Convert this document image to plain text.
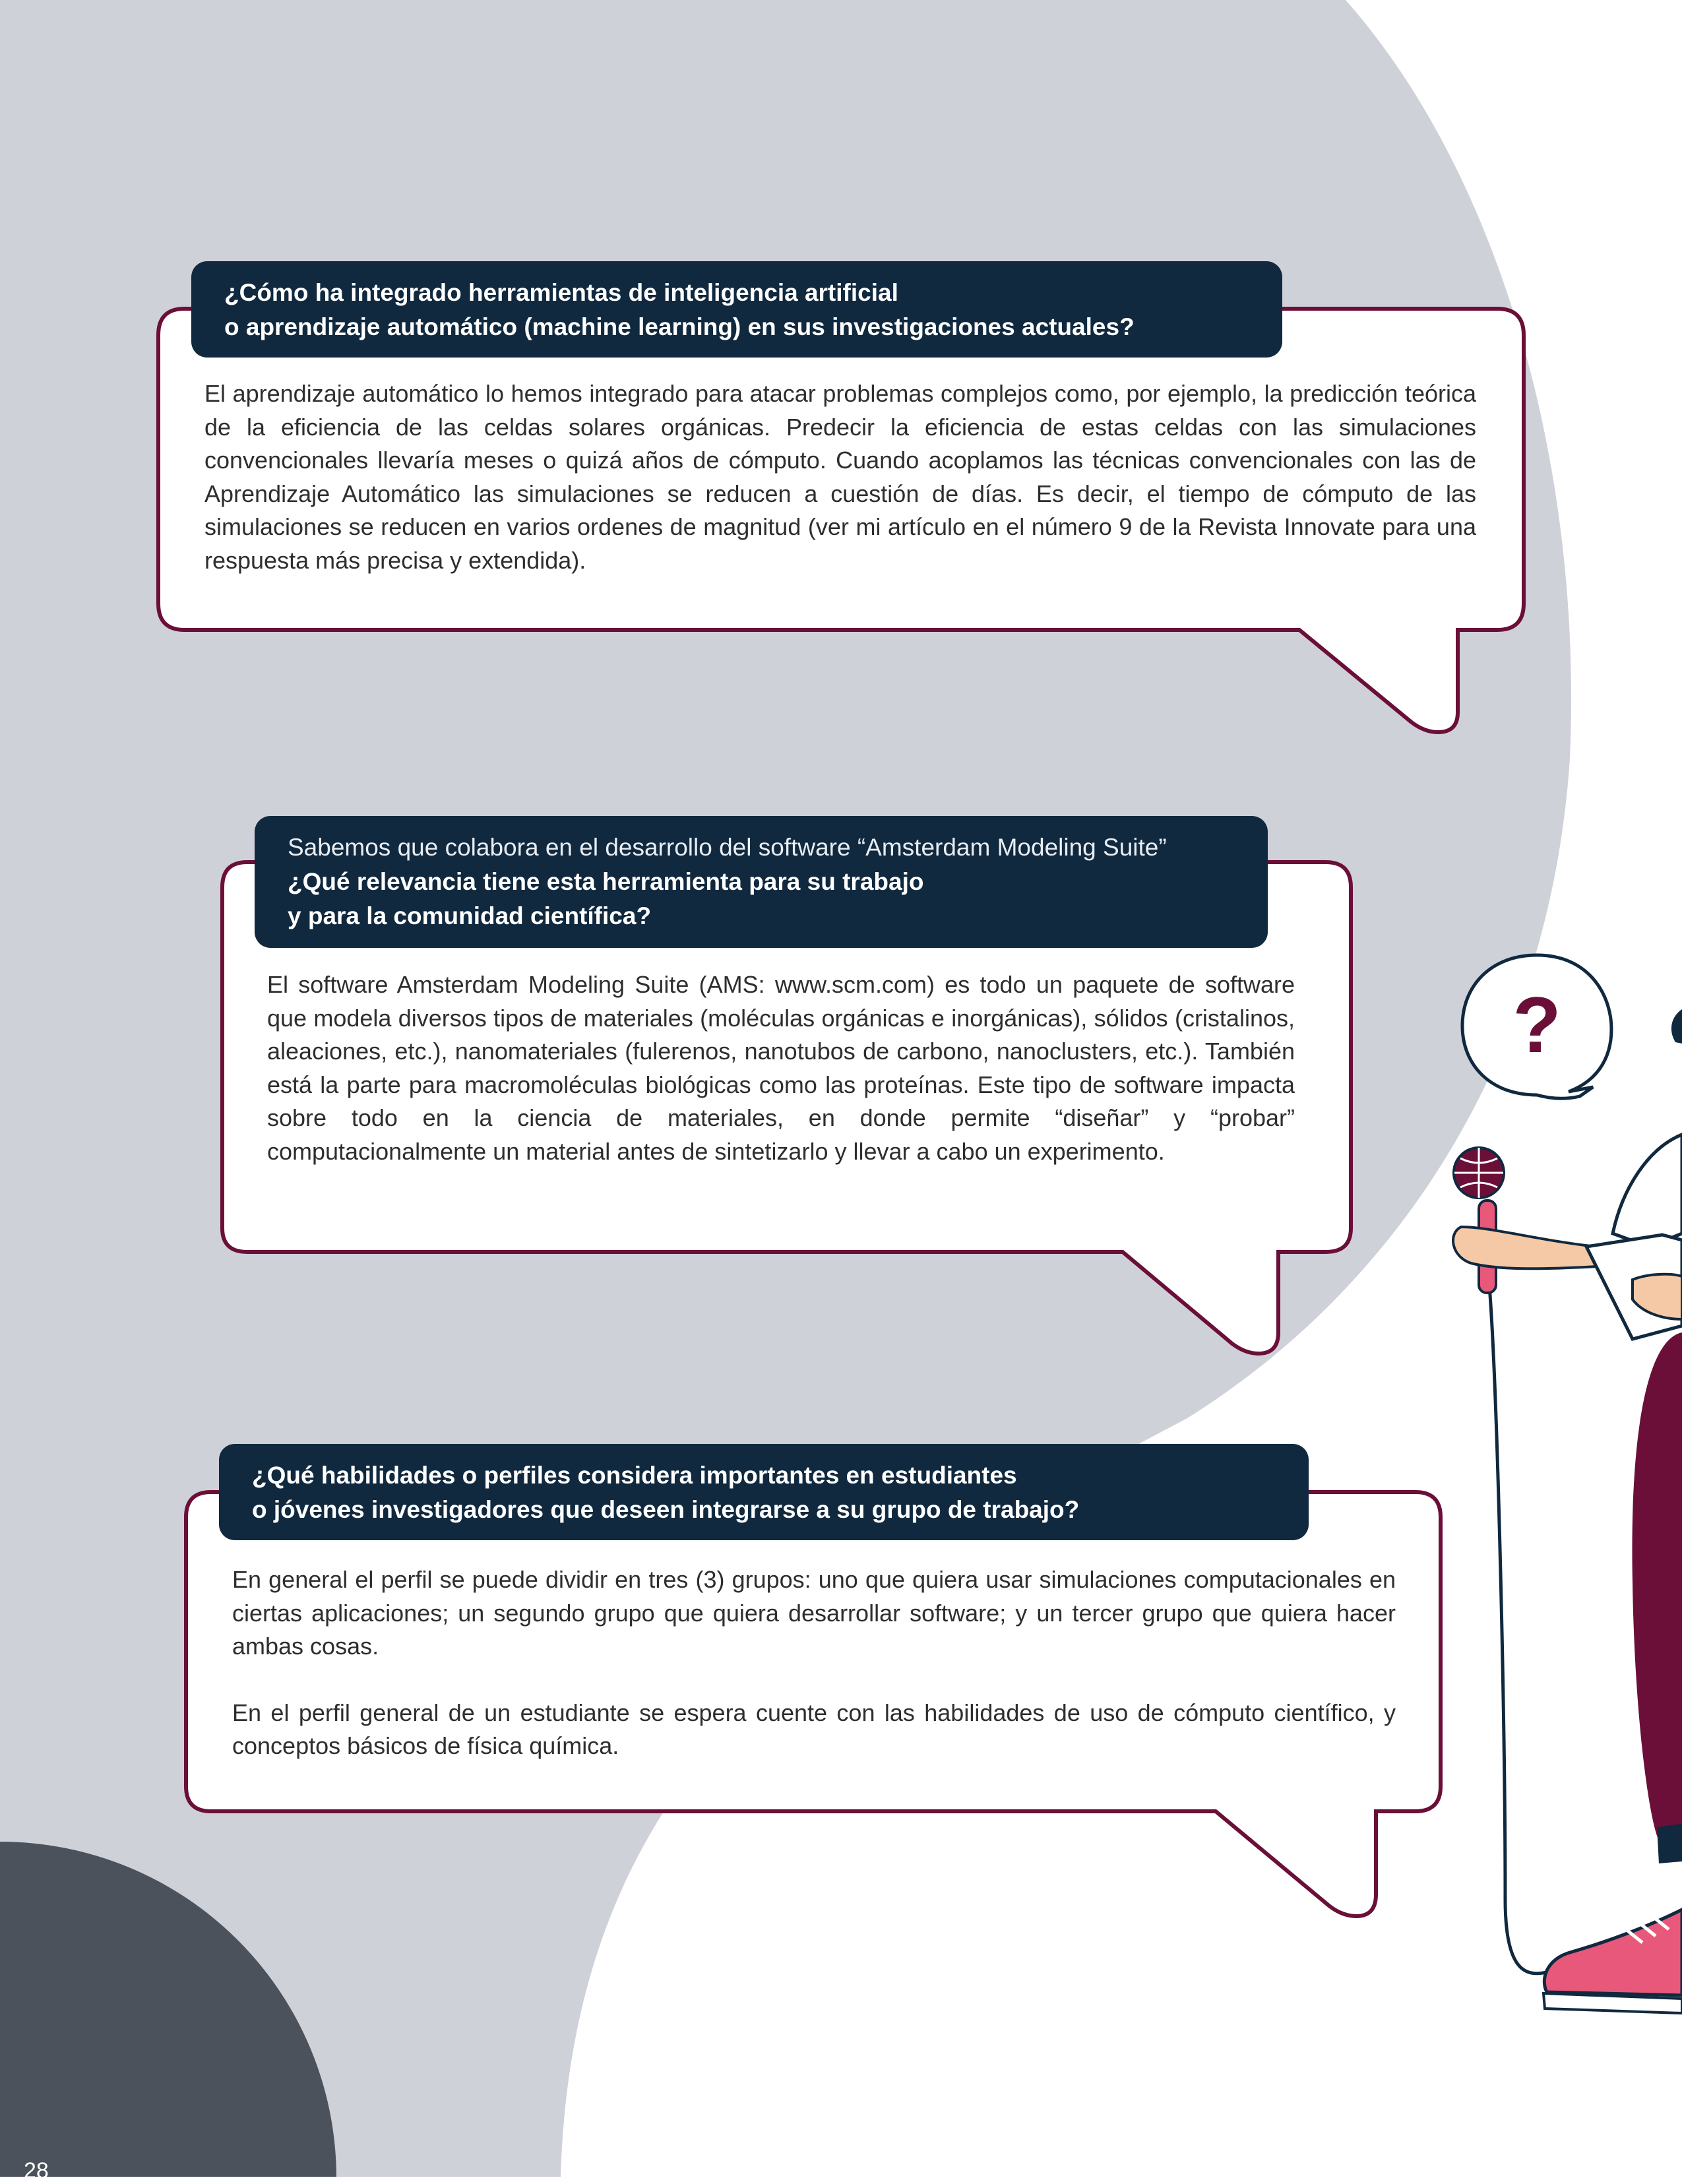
?
¿Cómo ha integrado herramientas de inteligencia artificial
o aprendizaje automático (machine learning) en sus investigaciones actuales?

El aprendizaje automático lo hemos integrado para atacar problemas complejos como, por ejemplo, la predicción teórica de la eficiencia de las celdas solares orgánicas. Predecir la eficiencia de estas celdas con las simulaciones convencionales llevaría meses o quizá años de cómputo. Cuando acoplamos las técnicas convencionales con las de Aprendizaje Automático las simulaciones se reducen a cuestión de días. Es decir, el tiempo de cómputo de las simulaciones se reducen en varios ordenes de magnitud (ver mi artículo en el número 9 de la Revista Innovate para una respuesta más precisa y extendida).

Sabemos que colabora en el desarrollo del software “Amsterdam Modeling Suite”
¿Qué relevancia tiene esta herramienta para su trabajo
y para la comunidad científica?

El software Amsterdam Modeling Suite (AMS: www.scm.com) es todo un paquete de software que modela diversos tipos de materiales (moléculas orgánicas e inorgánicas), sólidos (cristalinos, aleaciones, etc.), nanomateriales (fulerenos, nanotubos de carbono, nanoclusters, etc.). También está la parte para macromoléculas biológicas como las proteínas. Este tipo de software impacta sobre todo en la ciencia de materiales, en donde permite “diseñar” y “probar” computacionalmente un material antes de sintetizarlo y llevar a cabo un experimento.

¿Qué habilidades o perfiles considera importantes en estudiantes
o jóvenes investigadores que deseen integrarse a su grupo de trabajo?

En general el perfil se puede dividir en tres (3) grupos: uno que quiera usar simulaciones computacionales en ciertas aplicaciones; un segundo grupo que quiera desarrollar software; y un tercer grupo que quiera hacer ambas cosas.

En el perfil general de un estudiante se espera cuente con las habilidades de uso de cómputo científico, y conceptos básicos de física química.

28
